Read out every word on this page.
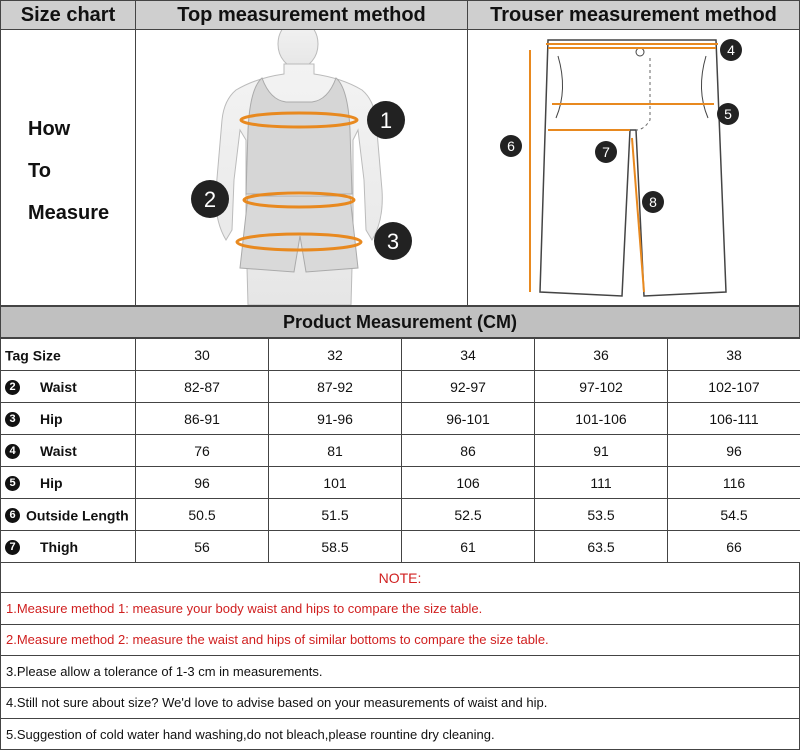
Size chart	Top measurement method	Trouser measurement method
How
To
Measure
1
2
3
4
5
6	7
8
Product Measurement (CM)
Tag Size	30	32	34	36	38
2 Waist	82-87	87-92	92-97	97-102	102-107
3 Hip	86-91	91-96	96-101	101-106	106-111
4 Waist	76	81	86	91	96
5 Hip	96	101	106	111	116
6 Outside Length	50.5	51.5	52.5	53.5	54.5
7 Thigh	56	58.5	61	63.5	66
NOTE:
1.Measure method 1: measure your body waist and hips to compare the size table.
2.Measure method 2: measure the waist and hips of similar bottoms to compare the size table.
3.Please allow a tolerance of 1-3 cm in measurements.
4.Still not sure about size? We'd love to advise based on your measurements of waist and hip.
5.Suggestion of cold water hand washing,do not bleach,please rountine dry cleaning.
